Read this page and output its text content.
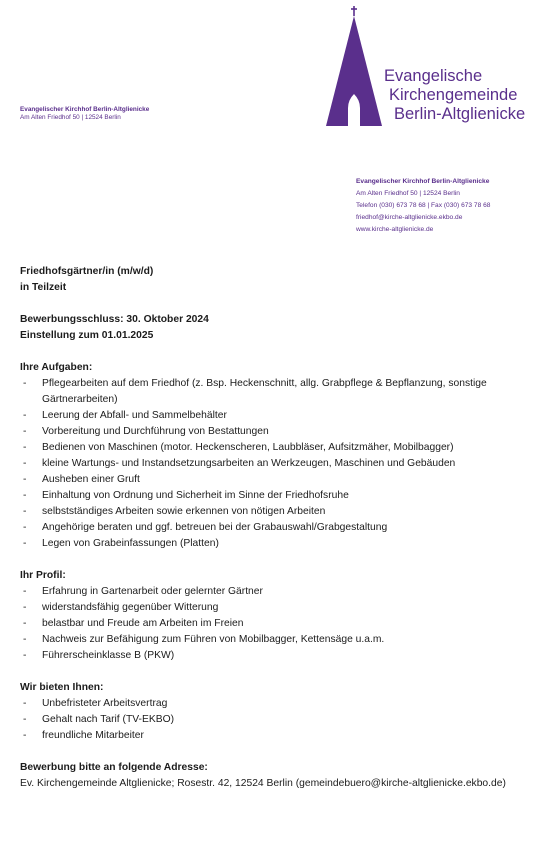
Evangelischer Kirchhof Berlin-Altglienicke
Am Alten Friedhof 50 | 12524 Berlin
Evangelische
Kirchengemeinde
Berlin-Altglienicke
Evangelischer Kirchhof Berlin-Altglienicke
Am Alten Friedhof 50 | 12524 Berlin
Telefon (030) 673 78 68 | Fax (030) 673 78 68
friedhof@kirche-altglienicke.ekbo.de
www.kirche-altglienicke.de
Friedhofsgärtner/in (m/w/d)
in Teilzeit
Bewerbungsschluss: 30. Oktober 2024
Einstellung zum 01.01.2025
Ihre Aufgaben:
- Pflegearbeiten auf dem Friedhof (z. Bsp. Heckenschnitt, allg. Grabpflege & Bepflanzung, sonstige Gärtnerarbeiten)
- Leerung der Abfall- und Sammelbehälter
- Vorbereitung und Durchführung von Bestattungen
- Bedienen von Maschinen (motor. Heckenscheren, Laubbläser, Aufsitzmäher, Mobilbagger)
- kleine Wartungs- und Instandsetzungsarbeiten an Werkzeugen, Maschinen und Gebäuden
- Ausheben einer Gruft
- Einhaltung von Ordnung und Sicherheit im Sinne der Friedhofsruhe
- selbstständiges Arbeiten sowie erkennen von nötigen Arbeiten
- Angehörige beraten und ggf. betreuen bei der Grabauswahl/Grabgestaltung
- Legen von Grabeinfassungen (Platten)
Ihr Profil:
- Erfahrung in Gartenarbeit oder gelernter Gärtner
- widerstandsfähig gegenüber Witterung
- belastbar und Freude am Arbeiten im Freien
- Nachweis zur Befähigung zum Führen von Mobilbagger, Kettensäge u.a.m.
- Führerscheinklasse B (PKW)
Wir bieten Ihnen:
- Unbefristeter Arbeitsvertrag
- Gehalt nach Tarif (TV-EKBO)
- freundliche Mitarbeiter
Bewerbung bitte an folgende Adresse:
Ev. Kirchengemeinde Altglienicke; Rosestr. 42, 12524 Berlin (gemeindebuero@kirche-altglienicke.ekbo.de)
